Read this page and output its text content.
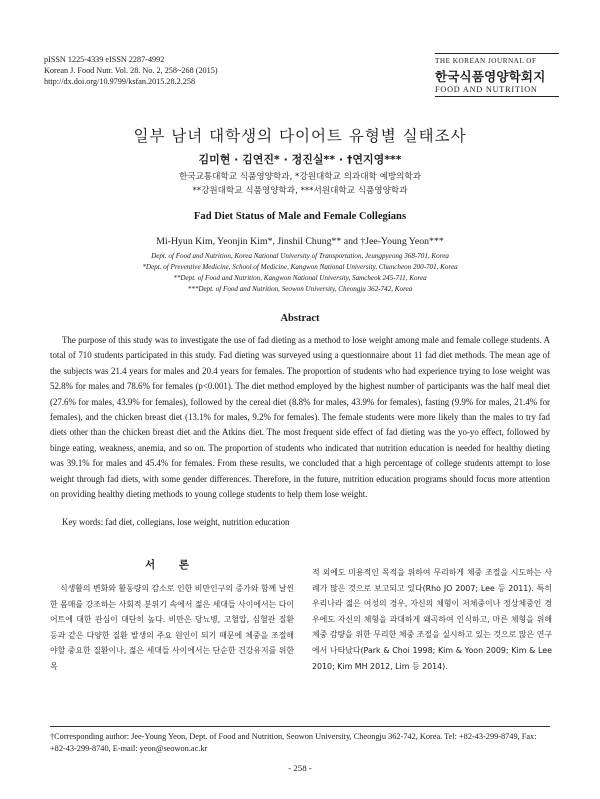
pISSN 1225-4339 eISSN 2287-4992
Korean J. Food Nutr. Vol. 28. No. 2, 258~268 (2015)
http://dx.doi.org/10.9799/ksfan.2015.28.2.258
THE KOREAN JOURNAL OF
한국식품영양학회지
FOOD AND NUTRITION
일부 남녀 대학생의 다이어트 유형별 실태조사
김미현 · 김연진* · 정진실** · †연지영***
한국교통대학교 식품영양학과, *강원대학교 의과대학 예방의학과
**강원대학교 식품영양학과, ***서원대학교 식품영양학과
Fad Diet Status of Male and Female Collegians
Mi-Hyun Kim, Yeonjin Kim*, Jinshil Chung** and †Jee-Young Yeon***
Dept. of Food and Nutrition, Korea National University of Transportation, Jeungpyeong 368-701, Korea
*Dept. of Preventive Medicine, School of Medicine, Kangwon National University, Chuncheon 200-701, Korea
**Dept. of Food and Nutrition, Kangwon National University, Samcheok 245-711, Korea
***Dept. of Food and Nutrition, Seowon University, Cheongju 362-742, Korea
Abstract

The purpose of this study was to investigate the use of fad dieting as a method to lose weight among male and female college students. A total of 710 students participated in this study. Fad dieting was surveyed using a questionnaire about 11 fad diet methods. The mean age of the subjects was 21.4 years for males and 20.4 years for females. The proportion of students who had experience trying to lose weight was 52.8% for males and 78.6% for females (p<0.001). The diet method employed by the highest number of participants was the half meal diet (27.6% for males, 43.9% for females), followed by the cereal diet (8.8% for males, 43.9% for females), fasting (9.9% for males, 21.4% for females), and the chicken breast diet (13.1% for males, 9.2% for females). The female students were more likely than the males to try fad diets other than the chicken breast diet and the Atkins diet. The most frequent side effect of fad dieting was the yo-yo effect, followed by binge eating, weakness, anemia, and so on. The proportion of students who indicated that nutrition education is needed for healthy dieting was 39.1% for males and 45.4% for females. From these results, we concluded that a high percentage of college students attempt to lose weight through fad diets, with some gender differences. Therefore, in the future, nutrition education programs should focus more attention on providing healthy dieting methods to young college students to help them lose weight.

Key words: fad diet, collegians, lose weight, nutrition education
서 론

식생활의 변화와 활동량의 감소로 인한 비만인구의 증가와 함께 날씬한 몸매를 강조하는 사회적 분위기 속에서 젊은 세대들 사이에서는 다이어트에 대한 관심이 대단히 높다. 비만은 당뇨병, 고혈압, 심혈관 질환 등과 같은 다양한 질환 발생의 주요 원인이 되기 때문에 체중을 조절해야할 중요한 질환이나, 젊은 세대들 사이에서는 단순한 건강유지를 위한 목

적 외에도 미용적인 목적을 위하여 무리하게 체중 조절을 시도하는 사례가 많은 것으로 보고되고 있다(Rho JO 2007; Lee 등 2011). 특히 우리나라 젊은 여성의 경우, 자신의 체형이 저체중이나 정상체중인 경우에도 자신의 체형을 과대하게 왜곡하여 인식하고, 마른 체형을 위해 체중 감량을 위한 무리한 체중 조절을 실시하고 있는 것으로 많은 연구에서 나타났다(Park & Choi 1998; Kim & Yoon 2009; Kim & Lee 2010; Kim MH 2012, Lim 등 2014).

†Corresponding author: Jee-Young Yeon, Dept. of Food and Nutrition, Seowon University, Cheongju 362-742, Korea. Tel: +82-43-299-8749, Fax: +82-43-299-8740, E-mail: yeon@seowon.ac.kr
- 258 -
